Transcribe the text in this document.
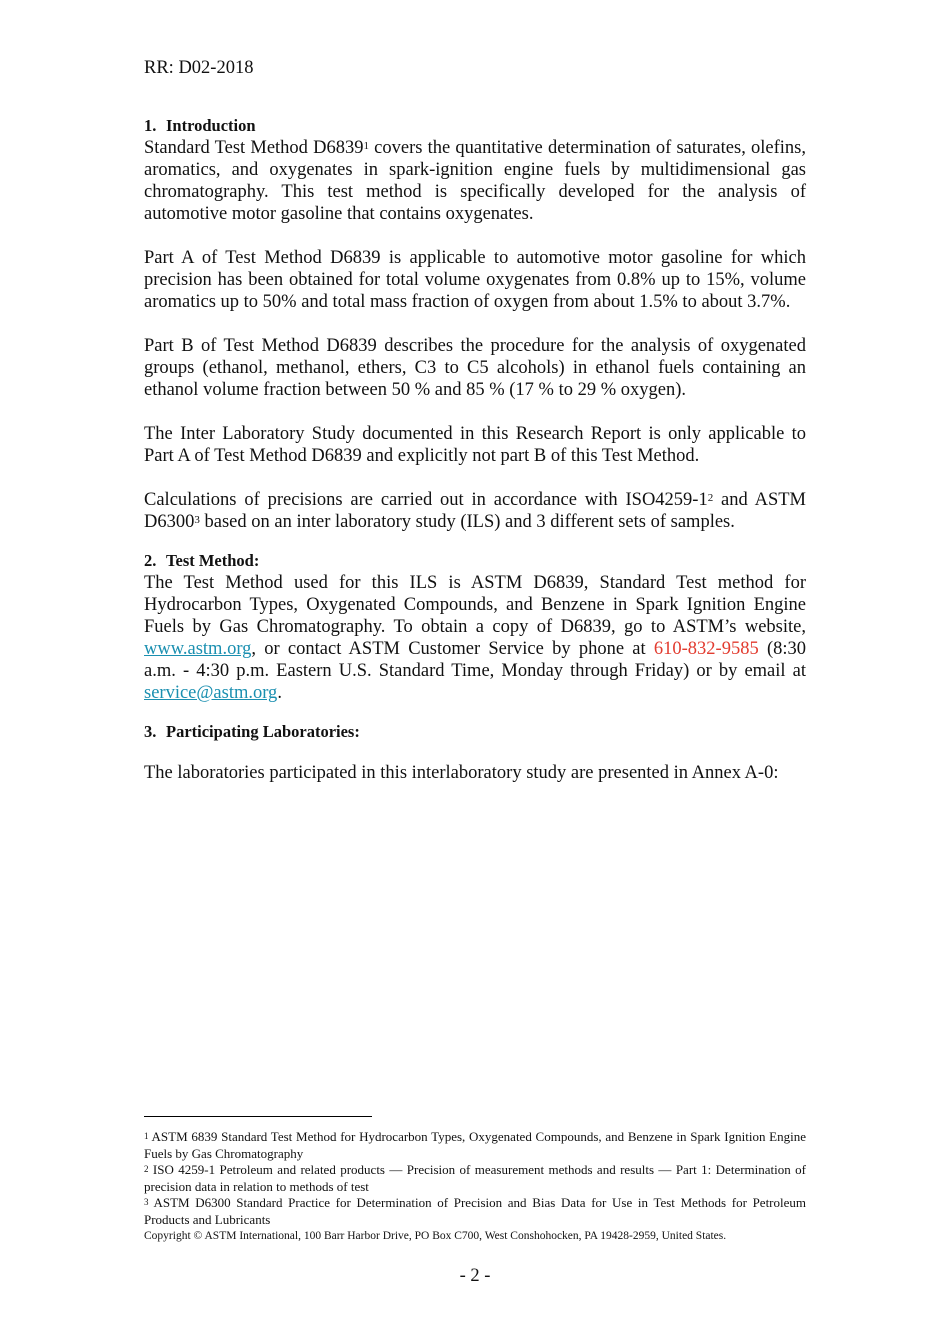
RR: D02-2018
1. Introduction

Standard Test Method D6839$^1$ covers the quantitative determination of saturates, olefins, aromatics, and oxygenates in spark-ignition engine fuels by multidimensional gas chromatography. This test method is specifically developed for the analysis of automotive motor gasoline that contains oxygenates.

Part A of Test Method D6839 is applicable to automotive motor gasoline for which precision has been obtained for total volume oxygenates from 0.8% up to 15%, volume aromatics up to 50% and total mass fraction of oxygen from about 1.5% to about 3.7%.

Part B of Test Method D6839 describes the procedure for the analysis of oxygenated groups (ethanol, methanol, ethers, C3 to C5 alcohols) in ethanol fuels containing an ethanol volume fraction between 50 % and 85 % (17 % to 29 % oxygen).

The Inter Laboratory Study documented in this Research Report is only applicable to Part A of Test Method D6839 and explicitly not part B of this Test Method.

Calculations of precisions are carried out in accordance with $ISO4259-1^2$ and ASTM D6300$^3$ based on an inter laboratory study (ILS) and 3 different sets of samples.

2. Test Method:

The Test Method used for this ILS is ASTM D6839, Standard Test method for Hydrocarbon Types, Oxygenated Compounds, and Benzene in Spark Ignition Engine Fuels by Gas Chromatography. To obtain a copy of D6839, go to ASTM’s website, www.astm.org, or contact ASTM Customer Service by phone at 610-832-9585 (8:30 a.m. - 4:30 p.m. Eastern U.S. Standard Time, Monday through Friday) or by email at service@astm.org.

3. Participating Laboratories:

The laboratories participated in this interlaboratory study are presented in Annex A-0:

$^1$ ASTM 6839 Standard Test Method for Hydrocarbon Types, Oxygenated Compounds, and Benzene in Spark Ignition Engine Fuels by Gas Chromatography

$^2$ ISO 4259-1 Petroleum and related products — Precision of measurement methods and results — Part 1: Determination of precision data in relation to methods of test

$^3$ ASTM D6300 Standard Practice for Determination of Precision and Bias Data for Use in Test Methods for Petroleum Products and Lubricants

Copyright © ASTM International, 100 Barr Harbor Drive, PO Box C700, West Conshohocken, PA 19428-2959, United States.
- 2 -
